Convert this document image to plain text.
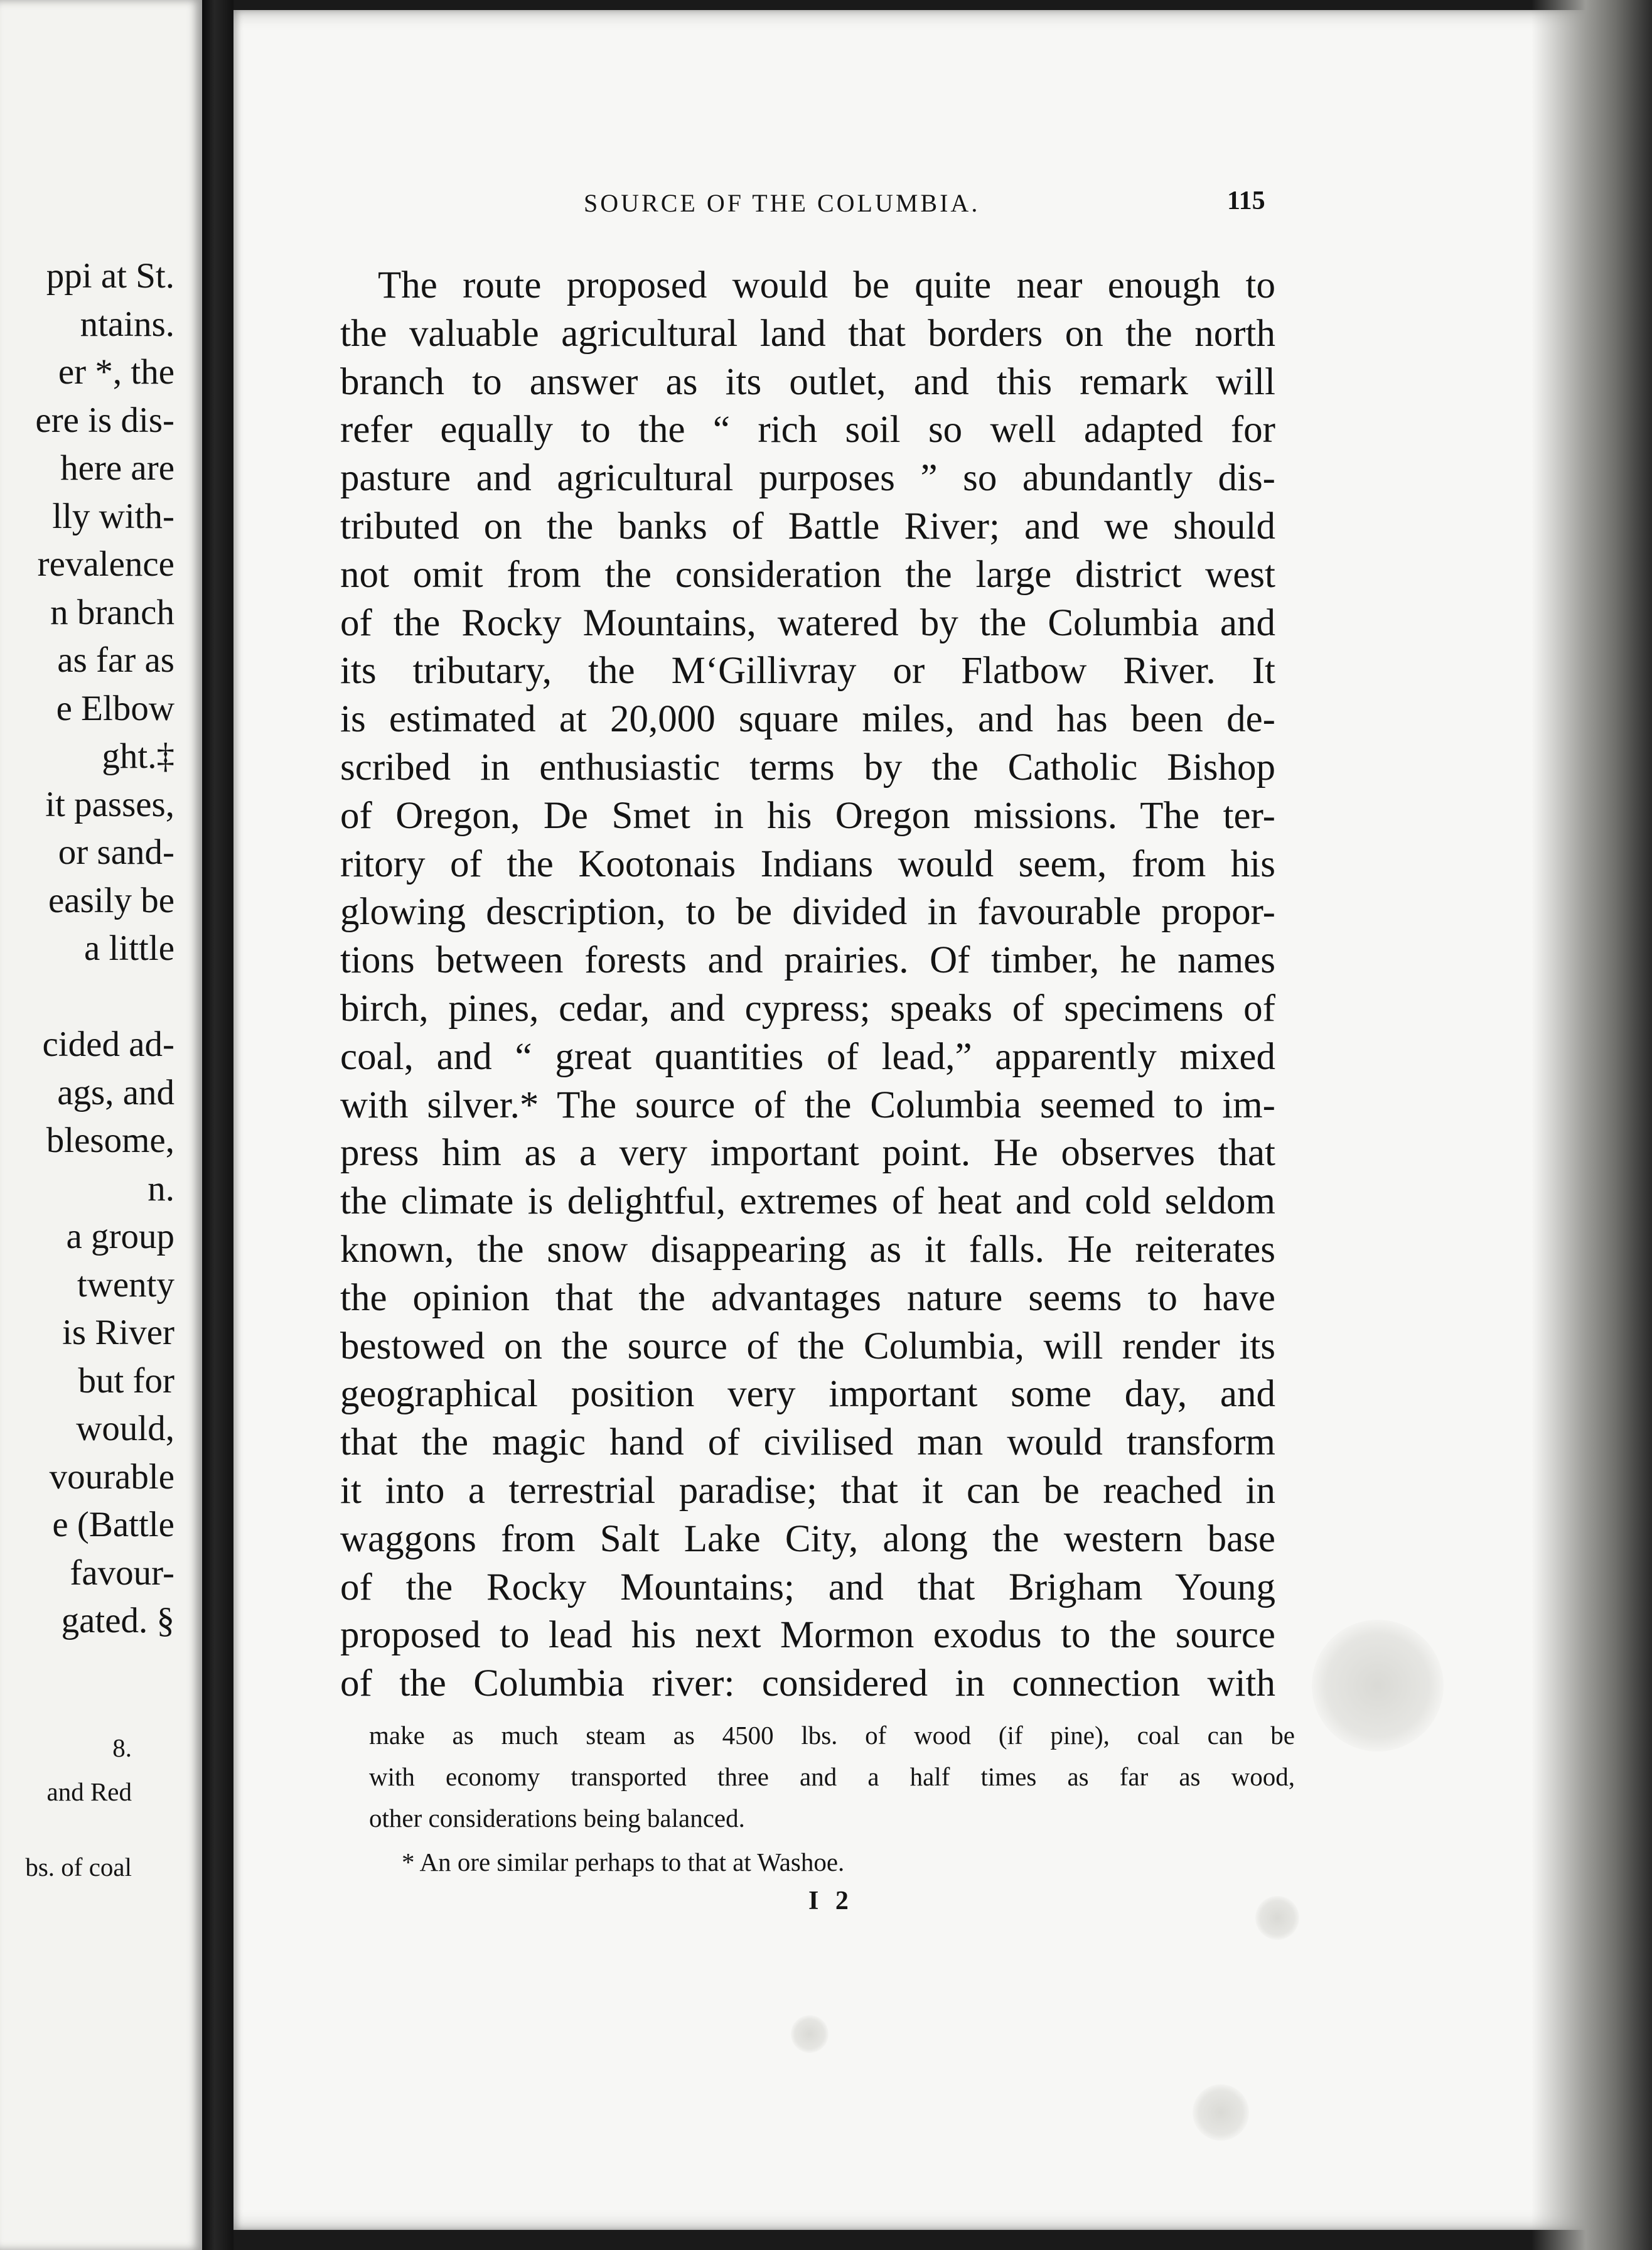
ppi at St.
ntains.
er *, the
ere is dis-
here are
lly with-
revalence
n branch
as far as
e Elbow
ght.‡
it passes,
or sand-
easily be
a little
cided ad-
ags, and
blesome,
n.
a group
twenty
is River
but for
would,
vourable
e (Battle
favour-
gated. §
8.
and Red
bs. of coal
SOURCE OF THE COLUMBIA.	115
The route proposed would be quite near enough to
the valuable agricultural land that borders on the north
branch to answer as its outlet, and this remark will
refer equally to the “ rich soil so well adapted for
pasture and agricultural purposes ” so abundantly dis-
tributed on the banks of Battle River; and we should
not omit from the consideration the large district west
of the Rocky Mountains, watered by the Columbia and
its tributary, the M‘Gillivray or Flatbow River. It
is estimated at 20,000 square miles, and has been de-
scribed in enthusiastic terms by the Catholic Bishop
of Oregon, De Smet in his Oregon missions. The ter-
ritory of the Kootonais Indians would seem, from his
glowing description, to be divided in favourable propor-
tions between forests and prairies. Of timber, he names
birch, pines, cedar, and cypress; speaks of specimens of
coal, and “ great quantities of lead,” apparently mixed
with silver.* The source of the Columbia seemed to im-
press him as a very important point. He observes that
the climate is delightful, extremes of heat and cold seldom
known, the snow disappearing as it falls. He reiterates
the opinion that the advantages nature seems to have
bestowed on the source of the Columbia, will render its
geographical position very important some day, and
that the magic hand of civilised man would transform
it into a terrestrial paradise; that it can be reached in
waggons from Salt Lake City, along the western base
of the Rocky Mountains; and that Brigham Young
proposed to lead his next Mormon exodus to the source
of the Columbia river: considered in connection with
make as much steam as 4500 lbs. of wood (if pine), coal can be
with economy transported three and a half times as far as wood,
other considerations being balanced.
* An ore similar perhaps to that at Washoe.
I 2
